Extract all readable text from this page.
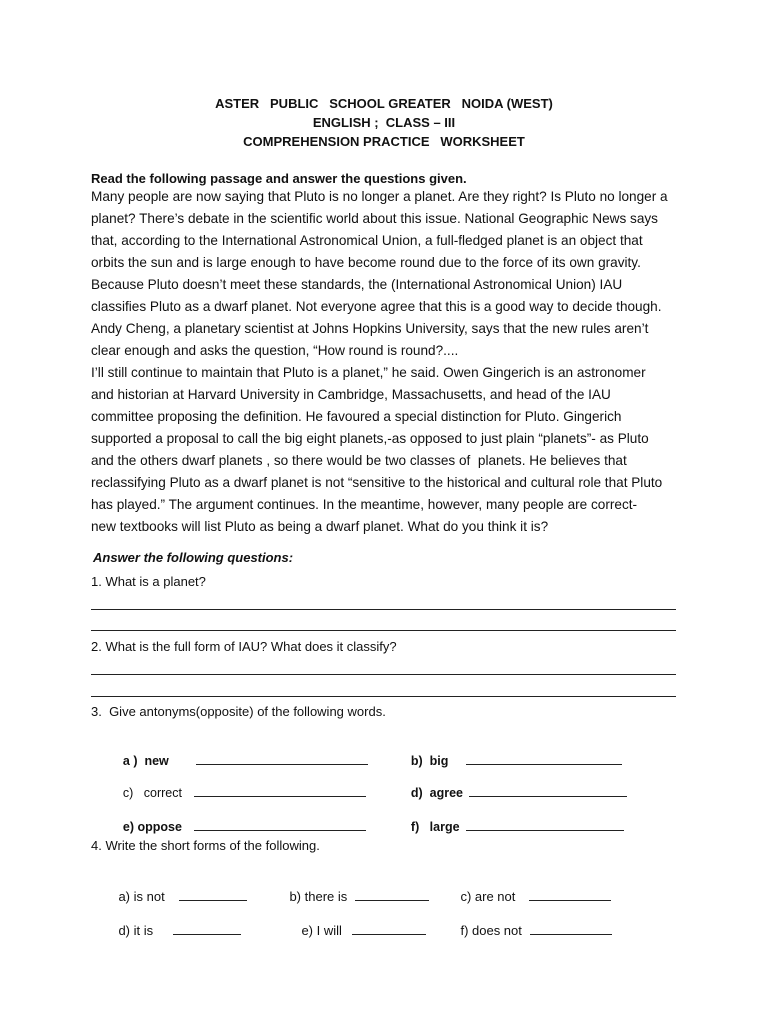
ASTER   PUBLIC   SCHOOL GREATER   NOIDA (WEST)
ENGLISH ;  CLASS – III
COMPREHENSION PRACTICE   WORKSHEET
Read the following passage and answer the questions given.
Many people are now saying that Pluto is no longer a planet. Are they right? Is Pluto no longer a
planet? There’s debate in the scientific world about this issue. National Geographic News says
that, according to the International Astronomical Union, a full-fledged planet is an object that
orbits the sun and is large enough to have become round due to the force of its own gravity.
Because Pluto doesn’t meet these standards, the (International Astronomical Union) IAU
classifies Pluto as a dwarf planet. Not everyone agree that this is a good way to decide though.
Andy Cheng, a planetary scientist at Johns Hopkins University, says that the new rules aren’t
clear enough and asks the question, “How round is round?....
I’ll still continue to maintain that Pluto is a planet,” he said. Owen Gingerich is an astronomer
and historian at Harvard University in Cambridge, Massachusetts, and head of the IAU
committee proposing the definition. He favoured a special distinction for Pluto. Gingerich
supported a proposal to call the big eight planets,-as opposed to just plain “planets”- as Pluto
and the others dwarf planets , so there would be two classes of  planets. He believes that
reclassifying Pluto as a dwarf planet is not “sensitive to the historical and cultural role that Pluto
has played.” The argument continues. In the meantime, however, many people are correct-
new textbooks will list Pluto as being a dwarf planet. What do you think it is?
Answer the following questions:
1. What is a planet?
2. What is the full form of IAU? What does it classify?
3.  Give antonyms(opposite) of the following words.

a )  new
	b)  big

c)   correct
	d)  agree

e) oppose
	f)   large

4. Write the short forms of the following.

a) is not
	b) there is
	c) are not

d) it is
	e) I will
	f) does not
